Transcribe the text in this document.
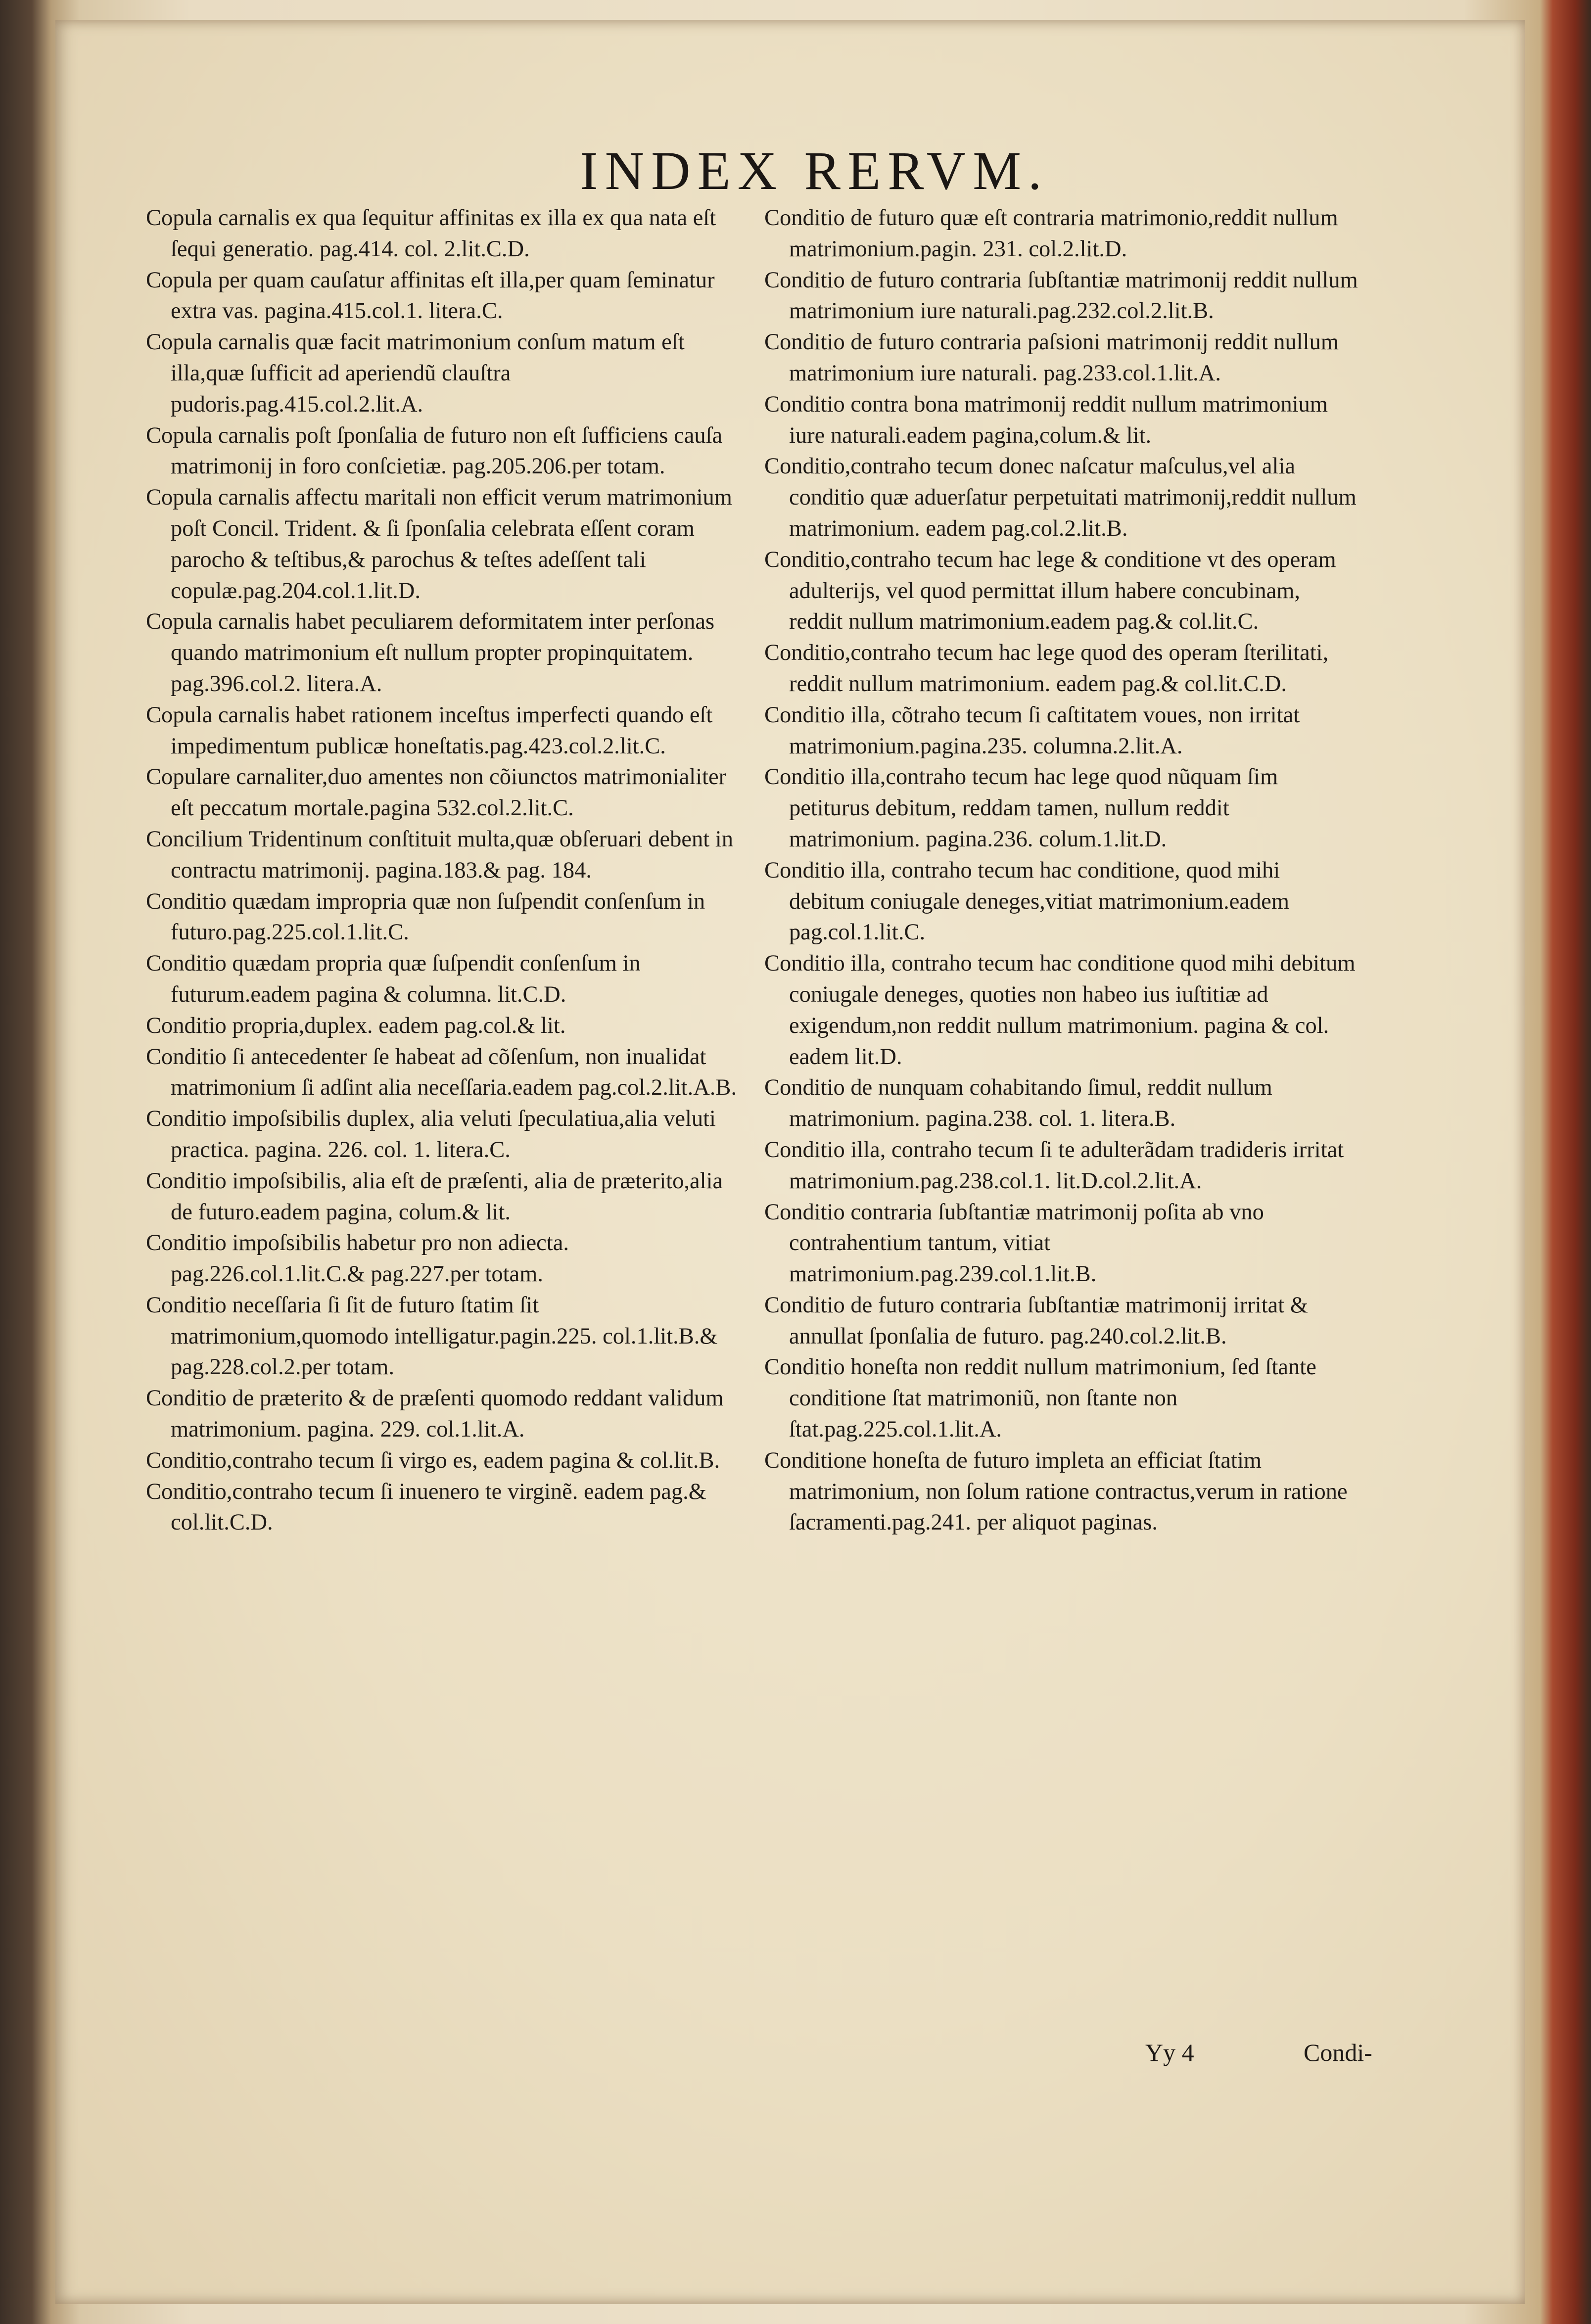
INDEX RERVM.

Copula carnalis ex qua ſequitur affinitas ex illa ex qua nata eſt ſequi generatio. pag.414. col. 2.lit.C.D.

Copula per quam cauſatur affinitas eſt illa,per quam ſeminatur extra vas. pagina.415.col.1. litera.C.

Copula carnalis quæ facit matrimonium conſum matum eſt illa,quæ ſufficit ad aperiendũ clauſtra pudoris.pag.415.col.2.lit.A.

Copula carnalis poſt ſponſalia de futuro non eſt ſufficiens cauſa matrimonij in foro conſcietiæ. pag.205.206.per totam.

Copula carnalis affectu maritali non efficit verum matrimonium poſt Concil. Trident. & ſi ſponſalia celebrata eſſent coram parocho & teſtibus,& parochus & teſtes adeſſent tali copulæ.pag.204.col.1.lit.D.

Copula carnalis habet peculiarem deformitatem inter perſonas quando matrimonium eſt nullum propter propinquitatem. pag.396.col.2. litera.A.

Copula carnalis habet rationem inceſtus imperfecti quando eſt impedimentum publicæ honeſtatis.pag.423.col.2.lit.C.

Copulare carnaliter,duo amentes non cõiunctos matrimonialiter eſt peccatum mortale.pagina 532.col.2.lit.C.

Concilium Tridentinum conſtituit multa,quæ obſeruari debent in contractu matrimonij. pagina.183.& pag. 184.

Conditio quædam impropria quæ non ſuſpendit conſenſum in futuro.pag.225.col.1.lit.C.

Conditio quædam propria quæ ſuſpendit conſenſum in futurum.eadem pagina & columna. lit.C.D.

Conditio propria,duplex. eadem pag.col.& lit.

Conditio ſi antecedenter ſe habeat ad cõſenſum, non inualidat matrimonium ſi adſint alia neceſſaria.eadem pag.col.2.lit.A.B.

Conditio impoſsibilis duplex, alia veluti ſpeculatiua,alia veluti practica. pagina. 226. col. 1. litera.C.

Conditio impoſsibilis, alia eſt de præſenti, alia de præterito,alia de futuro.eadem pagina, colum.& lit.

Conditio impoſsibilis habetur pro non adiecta. pag.226.col.1.lit.C.& pag.227.per totam.

Conditio neceſſaria ſi ſit de futuro ſtatim ſit matrimonium,quomodo intelligatur.pagin.225. col.1.lit.B.& pag.228.col.2.per totam.

Conditio de præterito & de præſenti quomodo reddant validum matrimonium. pagina. 229. col.1.lit.A.

Conditio,contraho tecum ſi virgo es, eadem pagina & col.lit.B.

Conditio,contraho tecum ſi inuenero te virginẽ. eadem pag.& col.lit.C.D.

Conditio de futuro quæ eſt contraria matrimonio,reddit nullum matrimonium.pagin. 231. col.2.lit.D.

Conditio de futuro contraria ſubſtantiæ matrimonij reddit nullum matrimonium iure naturali.pag.232.col.2.lit.B.

Conditio de futuro contraria paſsioni matrimonij reddit nullum matrimonium iure naturali. pag.233.col.1.lit.A.

Conditio contra bona matrimonij reddit nullum matrimonium iure naturali.eadem pagina,colum.& lit.

Conditio,contraho tecum donec naſcatur maſculus,vel alia conditio quæ aduerſatur perpetuitati matrimonij,reddit nullum matrimonium. eadem pag.col.2.lit.B.

Conditio,contraho tecum hac lege & conditione vt des operam adulterijs, vel quod permittat illum habere concubinam, reddit nullum matrimonium.eadem pag.& col.lit.C.

Conditio,contraho tecum hac lege quod des operam ſterilitati, reddit nullum matrimonium. eadem pag.& col.lit.C.D.

Conditio illa, cõtraho tecum ſi caſtitatem voues, non irritat matrimonium.pagina.235. columna.2.lit.A.

Conditio illa,contraho tecum hac lege quod nũquam ſim petiturus debitum, reddam tamen, nullum reddit matrimonium. pagina.236. colum.1.lit.D.

Conditio illa, contraho tecum hac conditione, quod mihi debitum coniugale deneges,vitiat matrimonium.eadem pag.col.1.lit.C.

Conditio illa, contraho tecum hac conditione quod mihi debitum coniugale deneges, quoties non habeo ius iuſtitiæ ad exigendum,non reddit nullum matrimonium. pagina & col. eadem lit.D.

Conditio de nunquam cohabitando ſimul, reddit nullum matrimonium. pagina.238. col. 1. litera.B.

Conditio illa, contraho tecum ſi te adulterãdam tradideris irritat matrimonium.pag.238.col.1. lit.D.col.2.lit.A.

Conditio contraria ſubſtantiæ matrimonij poſita ab vno contrahentium tantum, vitiat matrimonium.pag.239.col.1.lit.B.

Conditio de futuro contraria ſubſtantiæ matrimonij irritat & annullat ſponſalia de futuro. pag.240.col.2.lit.B.

Conditio honeſta non reddit nullum matrimonium, ſed ſtante conditione ſtat matrimoniũ, non ſtante non ſtat.pag.225.col.1.lit.A.

Conditione honeſta de futuro impleta an efficiat ſtatim matrimonium, non ſolum ratione contractus,verum in ratione ſacramenti.pag.241. per aliquot paginas.

Yy 4	Condi-
